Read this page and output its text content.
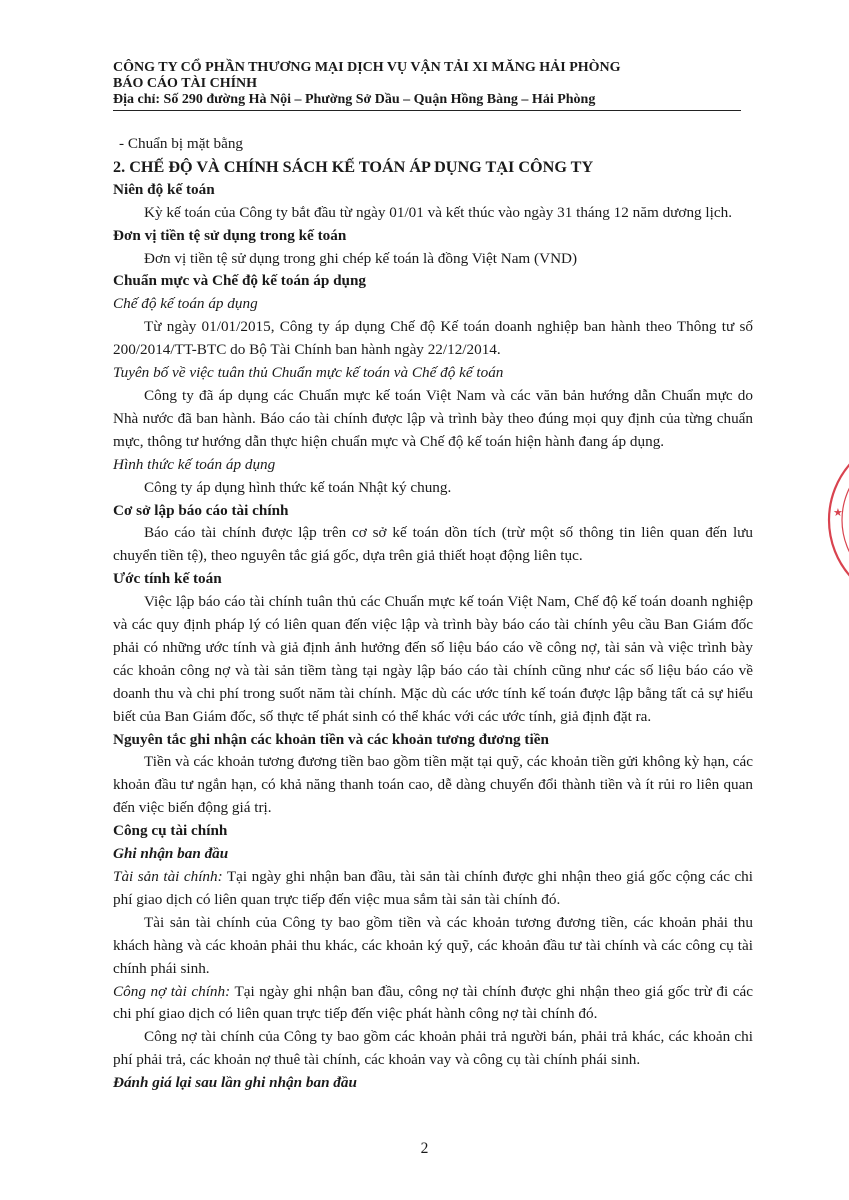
CÔNG TY CỔ PHẦN THƯƠNG MẠI DỊCH VỤ VẬN TẢI XI MĂNG HẢI PHÒNG
BÁO CÁO TÀI CHÍNH
Địa chỉ: Số 290 đường Hà Nội – Phường Sở Dầu – Quận Hồng Bàng – Hải Phòng

- Chuẩn bị mặt bằng

2. CHẾ ĐỘ VÀ CHÍNH SÁCH KẾ TOÁN ÁP DỤNG TẠI CÔNG TY

Niên độ kế toán

Kỳ kế toán của Công ty bắt đầu từ ngày 01/01 và kết thúc vào ngày 31 tháng 12 năm dương lịch.

Đơn vị tiền tệ sử dụng trong kế toán

Đơn vị tiền tệ sử dụng trong ghi chép kế toán là đồng Việt Nam (VND)

Chuẩn mực và Chế độ kế toán áp dụng

Chế độ kế toán áp dụng

Từ ngày 01/01/2015, Công ty áp dụng Chế độ Kế toán doanh nghiệp ban hành theo Thông tư số 200/2014/TT-BTC do Bộ Tài Chính ban hành ngày 22/12/2014.

Tuyên bố về việc tuân thủ Chuẩn mực kế toán và Chế độ kế toán

Công ty đã áp dụng các Chuẩn mực kế toán Việt Nam và các văn bản hướng dẫn Chuẩn mực do Nhà nước đã ban hành. Báo cáo tài chính được lập và trình bày theo đúng mọi quy định của từng chuẩn mực, thông tư hướng dẫn thực hiện chuẩn mực và Chế độ kế toán hiện hành đang áp dụng.

Hình thức kế toán áp dụng

Công ty áp dụng hình thức kế toán Nhật ký chung.

Cơ sở lập báo cáo tài chính

Báo cáo tài chính được lập trên cơ sở kế toán dồn tích (trừ một số thông tin liên quan đến lưu chuyển tiền tệ), theo nguyên tắc giá gốc, dựa trên giả thiết hoạt động liên tục.

Ước tính kế toán

Việc lập báo cáo tài chính tuân thủ các Chuẩn mực kế toán Việt Nam, Chế độ kế toán doanh nghiệp và các quy định pháp lý có liên quan đến việc lập và trình bày báo cáo tài chính yêu cầu Ban Giám đốc phải có những ước tính và giả định ảnh hưởng đến số liệu báo cáo về công nợ, tài sản và việc trình bày các khoản công nợ và tài sản tiềm tàng tại ngày lập báo cáo tài chính cũng như các số liệu báo cáo về doanh thu và chi phí trong suốt năm tài chính. Mặc dù các ước tính kế toán được lập bằng tất cả sự hiểu biết của Ban Giám đốc, số thực tế phát sinh có thể khác với các ước tính, giả định đặt ra.

Nguyên tắc ghi nhận các khoản tiền và các khoản tương đương tiền

Tiền và các khoản tương đương tiền bao gồm tiền mặt tại quỹ, các khoản tiền gửi không kỳ hạn, các khoản đầu tư ngắn hạn, có khả năng thanh toán cao, dễ dàng chuyển đổi thành tiền và ít rủi ro liên quan đến việc biến động giá trị.

Công cụ tài chính

Ghi nhận ban đầu

Tài sản tài chính: Tại ngày ghi nhận ban đầu, tài sản tài chính được ghi nhận theo giá gốc cộng các chi phí giao dịch có liên quan trực tiếp đến việc mua sắm tài sản tài chính đó.

Tài sản tài chính của Công ty bao gồm tiền và các khoản tương đương tiền, các khoản phải thu khách hàng và các khoản phải thu khác, các khoản ký quỹ, các khoản đầu tư tài chính và các công cụ tài chính phái sinh.

Công nợ tài chính: Tại ngày ghi nhận ban đầu, công nợ tài chính được ghi nhận theo giá gốc trừ đi các chi phí giao dịch có liên quan trực tiếp đến việc phát hành công nợ tài chính đó.

Công nợ tài chính của Công ty bao gồm các khoản phải trả người bán, phải trả khác, các khoản chi phí phải trả, các khoản nợ thuê tài chính, các khoản vay và công cụ tài chính phái sinh.

Đánh giá lại sau lần ghi nhận ban đầu

2
★
